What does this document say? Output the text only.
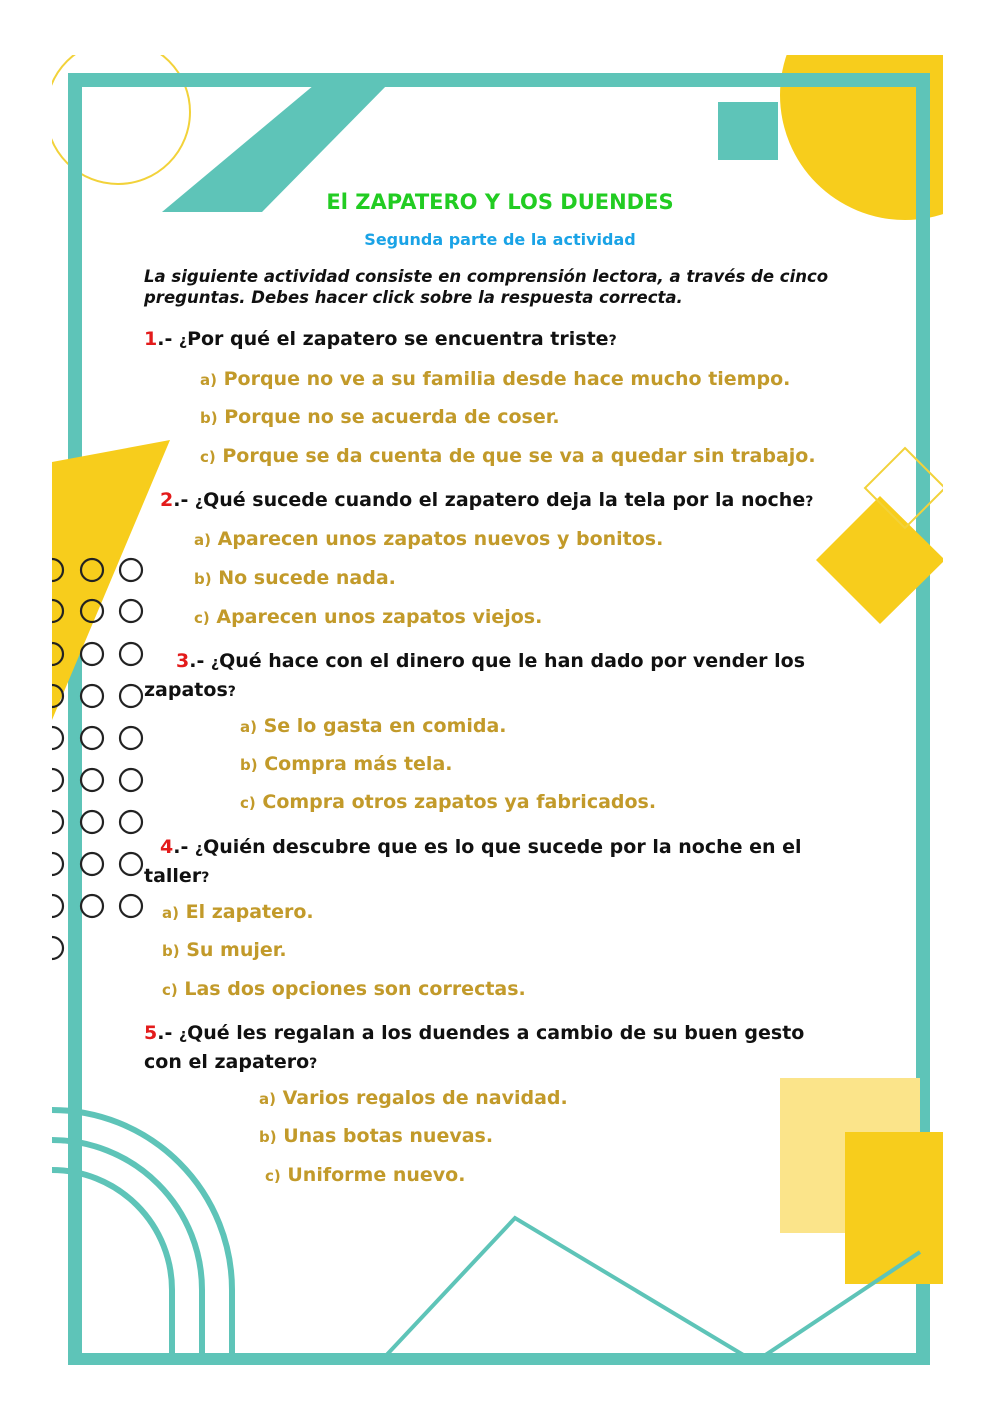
El ZAPATERO Y LOS DUENDES
Segunda parte de la actividad
La siguiente actividad consiste en comprensión lectora, a través de cinco preguntas. Debes hacer click sobre la respuesta correcta.
1.- ¿Por qué el zapatero se encuentra triste?
a) Porque no ve a su familia desde hace mucho tiempo.
b) Porque no se acuerda de coser.
c) Porque se da cuenta de que se va a quedar sin trabajo.
2.- ¿Qué sucede cuando el zapatero deja la tela por la noche?
a) Aparecen unos zapatos nuevos y bonitos.
b) No sucede nada.
c) Aparecen unos zapatos viejos.
3.- ¿Qué hace con el dinero que le han dado por vender los zapatos?
a) Se lo gasta en comida.
b) Compra más tela.
c) Compra otros zapatos ya fabricados.
4.- ¿Quién descubre que es lo que sucede por la noche en el taller?
a) El zapatero.
b) Su mujer.
c) Las dos opciones son correctas.
5.- ¿Qué les regalan a los duendes a cambio de su buen gesto con el zapatero?
a) Varios regalos de navidad.
b) Unas botas nuevas.
c) Uniforme nuevo.
